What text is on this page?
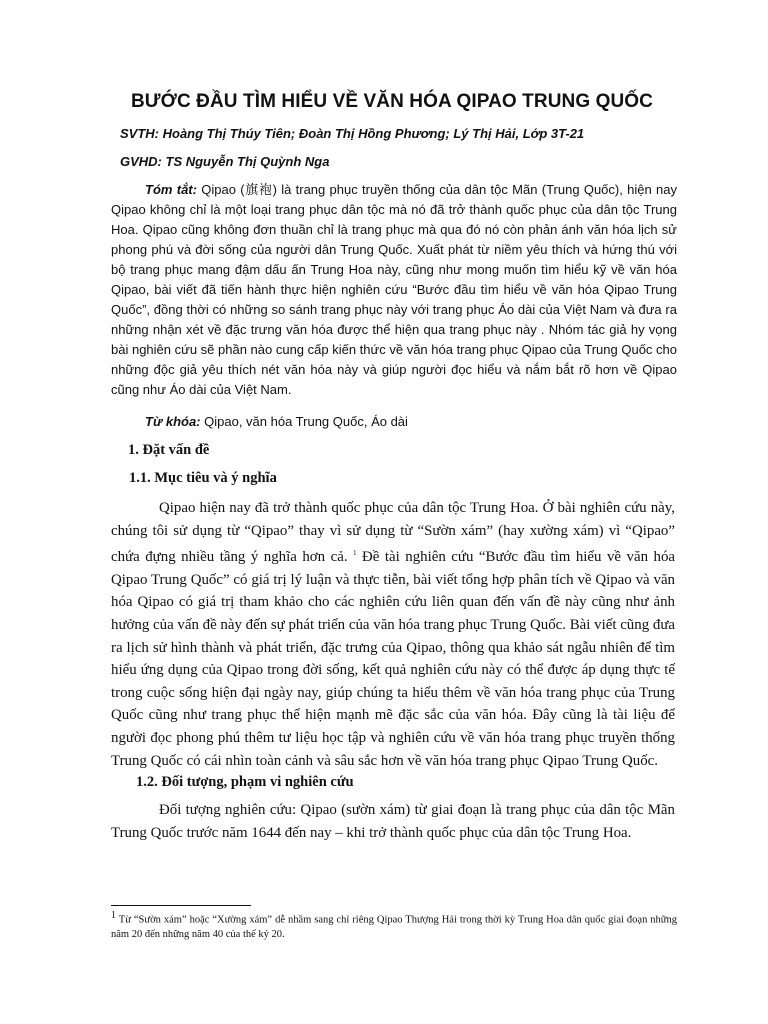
BƯỚC ĐẦU TÌM HIỂU VỀ VĂN HÓA QIPAO TRUNG QUỐC
SVTH: Hoàng Thị Thúy Tiên; Đoàn Thị Hồng Phương; Lý Thị Hải, Lớp 3T-21
GVHD: TS Nguyễn Thị Quỳnh Nga

Tóm tắt: Qipao (旗袍) là trang phục truyền thống của dân tộc Mãn (Trung Quốc), hiện nay Qipao không chỉ là một loại trang phục dân tộc mà nó đã trở thành quốc phục của dân tộc Trung Hoa. Qipao cũng không đơn thuần chỉ là trang phục mà qua đó nó còn phản ánh văn hóa lịch sử phong phú và đời sống của người dân Trung Quốc. Xuất phát từ niềm yêu thích và hứng thú với bộ trang phục mang đậm dấu ấn Trung Hoa này, cũng như mong muốn tìm hiểu kỹ về văn hóa Qipao, bài viết đã tiến hành thực hiện nghiên cứu “Bước đầu tìm hiểu về văn hóa Qipao Trung Quốc”, đồng thời có những so sánh trang phục này với trang phục Áo dài của Việt Nam và đưa ra những nhận xét về đặc trưng văn hóa được thể hiện qua trang phục này . Nhóm tác giả hy vọng bài nghiên cứu sẽ phần nào cung cấp kiến thức về văn hóa trang phục Qipao của Trung Quốc cho những độc giả yêu thích nét văn hóa này và giúp người đọc hiểu và nắm bắt rõ hơn về Qipao cũng như Áo dài của Việt Nam.

Từ khóa: Qipao, văn hóa Trung Quốc, Áo dài
1. Đặt vấn đề
1.1. Mục tiêu và ý nghĩa

Qipao hiện nay đã trở thành quốc phục của dân tộc Trung Hoa. Ở bài nghiên cứu này, chúng tôi sử dụng từ “Qipao” thay vì sử dụng từ “Sườn xám” (hay xường xám) vì “Qipao” chứa đựng nhiều tầng ý nghĩa hơn cả. $^1$ Đề tài nghiên cứu “Bước đầu tìm hiểu về văn hóa Qipao Trung Quốc” có giá trị lý luận và thực tiễn, bài viết tổng hợp phân tích về Qipao và văn hóa Qipao có giá trị tham khảo cho các nghiên cứu liên quan đến vấn đề này cũng như ảnh hưởng của vấn đề này đến sự phát triển của văn hóa trang phục Trung Quốc. Bài viết cũng đưa ra lịch sử hình thành và phát triển, đặc trưng của Qipao, thông qua khảo sát ngẫu nhiên để tìm hiểu ứng dụng của Qipao trong đời sống, kết quả nghiên cứu này có thể được áp dụng thực tế trong cuộc sống hiện đại ngày nay, giúp chúng ta hiểu thêm về văn hóa trang phục của Trung Quốc cũng như trang phục thể hiện mạnh mẽ đặc sắc của văn hóa. Đây cũng là tài liệu để người đọc phong phú thêm tư liệu học tập và nghiên cứu về văn hóa trang phục truyền thống Trung Quốc có cái nhìn toàn cảnh và sâu sắc hơn về văn hóa trang phục Qipao Trung Quốc.

1.2. Đối tượng, phạm vi nghiên cứu

Đối tượng nghiên cứu: Qipao (sườn xám) từ giai đoạn là trang phục của dân tộc Mãn Trung Quốc trước năm 1644 đến nay – khi trở thành quốc phục của dân tộc Trung Hoa.

1 Từ “Sườn xám” hoặc “Xường xám” dễ nhầm sang chỉ riêng Qipao Thượng Hải trong thời kỳ Trung Hoa dân quốc giai đoạn những năm 20 đến những năm 40 của thế kỷ 20.
